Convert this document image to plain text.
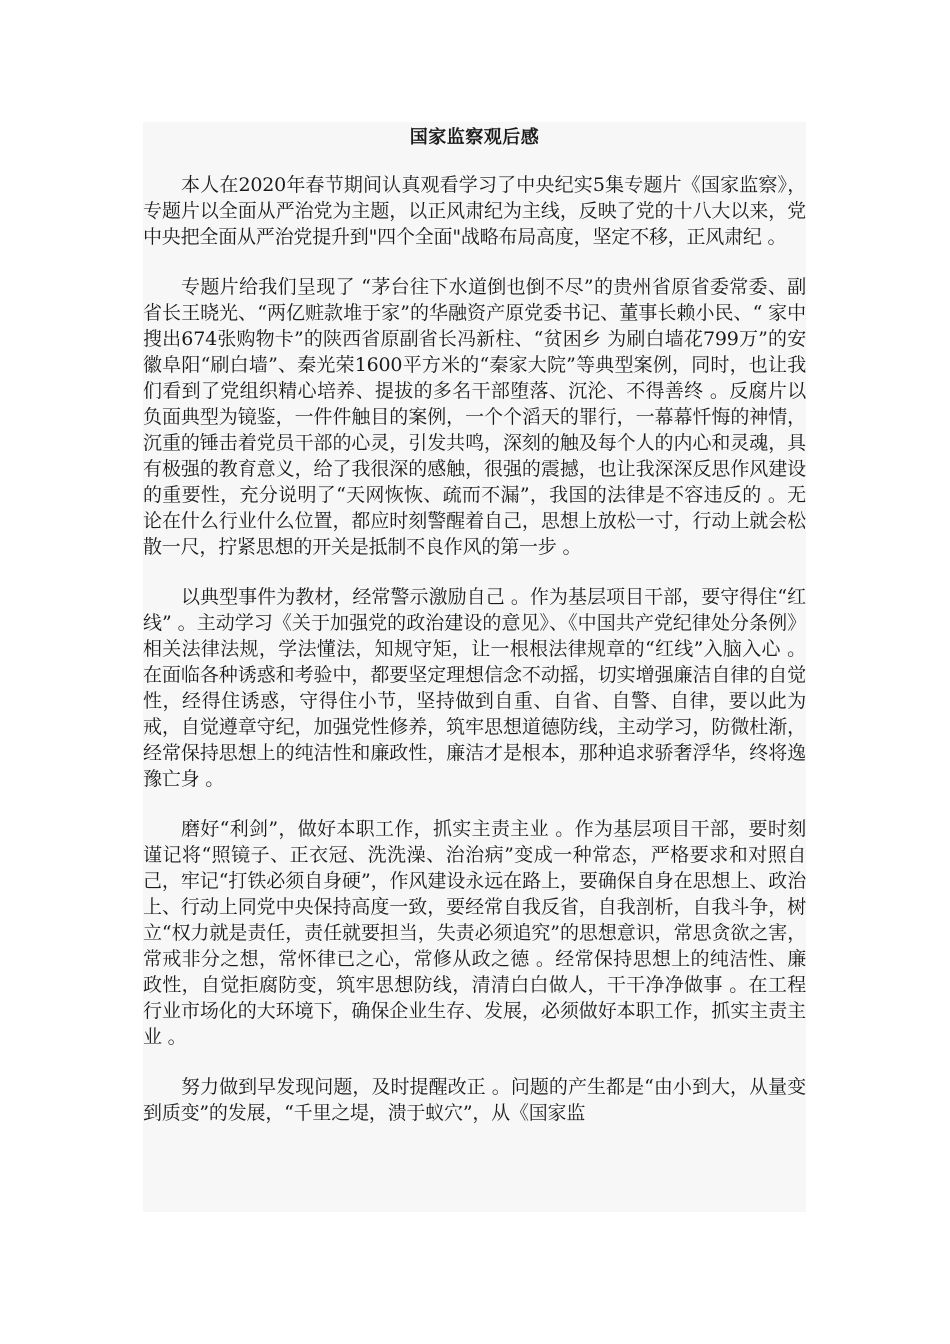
国家监察观后感

本人在2020年春节期间认真观看学习了中央纪实5集专题片《国家监察》，专题片以全面从严治党为主题，以正风肃纪为主线，反映了党的十八大以来，党中央把全面从严治党提升到"四个全面"战略布局高度，坚定不移，正风肃纪 。

专题片给我们呈现了 “茅台往下水道倒也倒不尽”的贵州省原省委常委、副省长王晓光、“两亿赃款堆于家”的华融资产原党委书记、董事长赖小民、“ 家中搜出674张购物卡”的陕西省原副省长冯新柱、“贫困乡 为刷白墙花799万”的安徽阜阳“刷白墙”、秦光荣1600平方米的“秦家大院”等典型案例，同时，也让我们看到了党组织精心培养、提拔的多名干部堕落、沉沦、不得善终 。反腐片以负面典型为镜鉴，一件件触目的案例，一个个滔天的罪行，一幕幕忏悔的神情，沉重的锤击着党员干部的心灵，引发共鸣，深刻的触及每个人的内心和灵魂，具有极强的教育意义，给了我很深的感触，很强的震撼，也让我深深反思作风建设的重要性，充分说明了“天网恢恢、疏而不漏”，我国的法律是不容违反的 。无论在什么行业什么位置，都应时刻警醒着自己，思想上放松一寸，行动上就会松散一尺，拧紧思想的开关是抵制不良作风的第一步 。

以典型事件为教材，经常警示激励自己 。作为基层项目干部，要守得住“红线” 。主动学习《关于加强党的政治建设的意见》、《中国共产党纪律处分条例》相关法律法规，学法懂法，知规守矩，让一根根法律规章的“红线”入脑入心 。在面临各种诱惑和考验中，都要坚定理想信念不动摇，切实增强廉洁自律的自觉性，经得住诱惑，守得住小节，坚持做到自重、自省、自警、自律，要以此为戒，自觉遵章守纪，加强党性修养，筑牢思想道德防线，主动学习，防微杜渐，经常保持思想上的纯洁性和廉政性，廉洁才是根本，那种追求骄奢浮华，终将逸豫亡身 。

磨好“利剑”，做好本职工作，抓实主责主业 。作为基层项目干部，要时刻谨记将“照镜子、正衣冠、洗洗澡、治治病”变成一种常态，严格要求和对照自己，牢记“打铁必须自身硬”，作风建设永远在路上，要确保自身在思想上、政治上、行动上同党中央保持高度一致，要经常自我反省，自我剖析，自我斗争，树立“权力就是责任，责任就要担当，失责必须追究”的思想意识，常思贪欲之害，常戒非分之想，常怀律已之心，常修从政之德 。经常保持思想上的纯洁性、廉政性，自觉拒腐防变，筑牢思想防线，清清白白做人，干干净净做事 。在工程行业市场化的大环境下，确保企业生存、发展，必须做好本职工作，抓实主责主业 。

努力做到早发现问题，及时提醒改正 。问题的产生都是“由小到大，从量变到质变”的发展，“千里之堤，溃于蚁穴”，从《国家监
